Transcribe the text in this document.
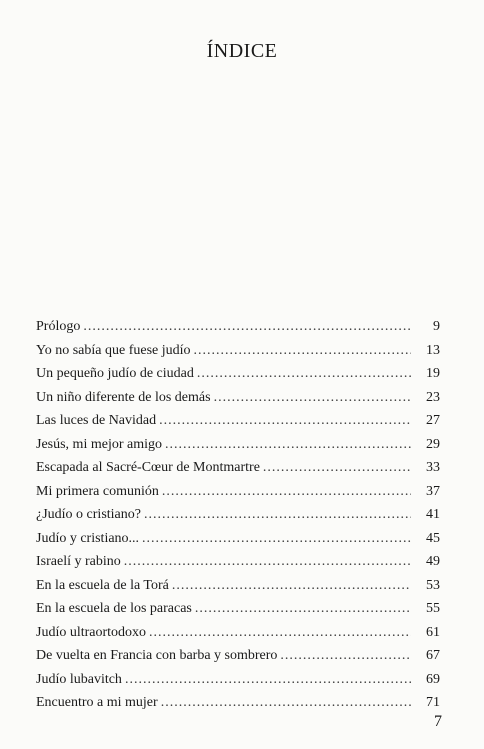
ÍNDICE
Prólogo .....	9
Yo no sabía que fuese judío .....	13
Un pequeño judío de ciudad .....	19
Un niño diferente de los demás .....	23
Las luces de Navidad .....	27
Jesús, mi mejor amigo .....	29
Escapada al Sacré-Cœur de Montmartre .....	33
Mi primera comunión .....	37
¿Judío o cristiano? .....	41
Judío y cristiano... .....	45
Israelí y rabino .....	49
En la escuela de la Torá .....	53
En la escuela de los paracas .....	55
Judío ultraortodoxo .....	61
De vuelta en Francia con barba y sombrero .....	67
Judío lubavitch .....	69
Encuentro a mi mujer .....	71
7
